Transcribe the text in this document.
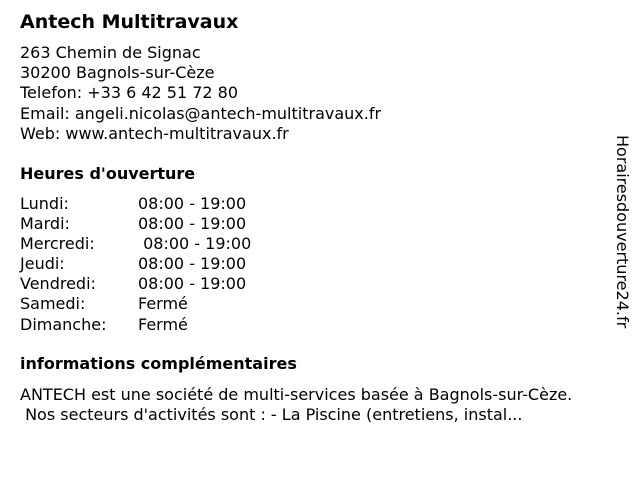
Antech Multitravaux
263 Chemin de Signac
30200 Bagnols-sur-Cèze
Telefon: +33 6 42 51 72 80
Email: angeli.nicolas@antech-multitravaux.fr
Web: www.antech-multitravaux.fr
Heures d'ouverture
Lundi:	08:00 - 19:00
Mardi:	08:00 - 19:00
Mercredi:	08:00 - 19:00
Jeudi:	08:00 - 19:00
Vendredi:	08:00 - 19:00
Samedi:	Fermé
Dimanche: Fermé
informations complémentaires
ANTECH est une société de multi-services basée à Bagnols-sur-Cèze.
Nos secteurs d'activités sont : - La Piscine (entretiens, instal...
Horairesdouverture24.fr
